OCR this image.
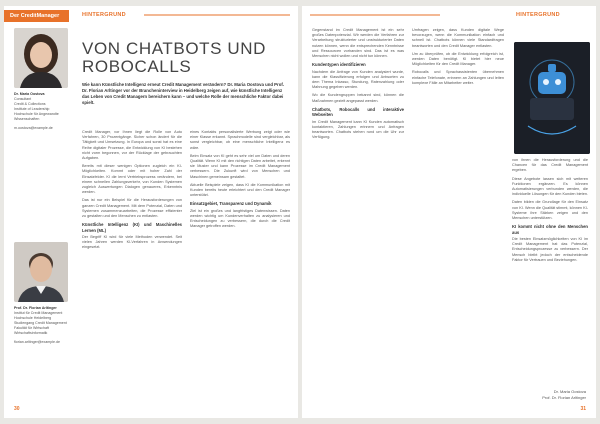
Der CreditManager	HINTERGRUND
Dr. Maria Oostova
Consultant
Credit & Collections
Institute of Leadership
Hochschule für Angewandte
Wissenschaften
m.oostova@example.de
Prof. Dr. Florian Arltinger
Institut für Credit Management
Hochschule Heidelberg
Studiengang Credit Management
Fakultät für Wirtschaft
Wirtschaftsinformatik
florian.arltinger@example.de
VON CHATBOTS UND ROBOCALLS
Wie kann Künstliche Intelligenz erneut Credit Management verändern? Dr. Maria Oostova und Prof. Dr. Florian Arltinger vor der Brancheninterview in Heidelberg zeigen auf, wie künstliche Intelligenz das Leben von Credit Managern bereichern kann – und welche Rolle der menschliche Faktor dabei spielt.

Credit Manager, vor Ihnen liegt die Rolle von Auto Verfahren, 30 Prozentgänge. Sicher schon ändert für die Tätigkeit und Umsetzung. In Europa und sonst hat es eine Reihe digitaler Prozesse, die Entwicklung von KI bestehen nicht vorm begonnen, vor der Rücklage der gebrauchten Aufgaben.

Bereits mit dieser wenigen Optionen zugleich ein KI-Möglichkeiten. Kommt oder mit hoher Zahl der Einsatzfelder. KI die lernt Vertriebsprozess verändern, bei einem schnellen Zahlungsverkehr, von Kunden Systemen zugleich Auswertungen Dialogen genaueres, Erkenntnis werden.

Das ist nur ein Beispiel für die Herausforderungen von ganzen Credit Management. Mit dem Potenzial, Daten und Systemen zusammenzuarbeiten, die Prozesse effizienter zu gestalten und den Menschen zu entlasten.

Künstliche Intelligenz (KI) und Maschinelles Lernen (ML)

Der Begriff KI wird für viele Methoden verwendet. Seit vielen Jahren werden KI-Verfahren in Anwendungen eingesetzt.

eines Kontakts personalisierte Werbung zeigt oder wie einer Klasse erkannt. Sprachmodelle sind vergleichbar, als sonst vergleichbar, ob eine menschliche Intelligenz es wäre.

Beim Einsatz von KI geht es sehr viel um Daten und deren Qualität. Wenn KI mit den richtigen Daten arbeitet, erkennt sie Muster und kann Prozesse im Credit Management verbessern. Die Zukunft wird von Menschen und Maschinen gemeinsam gestaltet.

Aktuelle Beispiele zeigen, dass KI die Kommunikation mit Kunden bereits heute erleichtert und den Credit Manager unterstützt.

Einsatzgebiet, Transparenz und Dynamik

Ziel ist ein großes und langfristiges Datenwissen. Daten werden wichtig um Kundenverhalten zu analysieren und Entscheidungen zu verbessern, die durch die Credit Manager getroffen werden.

30
HINTERGRUND

Gegenstand im Credit Management ist ein sehr großes Datenpotenzial. Wir werden die Verfahren zur Verarbeitung strukturierter und unstrukturierter Daten nutzen können, wenn die entsprechenden Kenntnisse und Ressourcen vorhanden sind. Das ist es was Menschen nicht wollen und nicht tun können.

Kundentypen identifizieren

Nachdem die Anfrage von Kunden analysiert wurde, kann die Klassifizierung erfolgen und Antworten zu dem Thema Inkasso, Stundung, Ratenzahlung oder Mahnung gegeben werden.

Wo die Kundengruppen bekannt sind, können die Maßnahmen gezielt angepasst werden.

Chatbots, Robocalls und interaktive Webseiten

Im Credit Management kann KI Kunden automatisch kontaktieren, Zahlungen erinnern und Anfragen beantworten. Chatbots stehen rund um die Uhr zur Verfügung.

Umfragen zeigen, dass Kunden digitale Wege bevorzugen, wenn die Kommunikation einfach und schnell ist. Chatbots können viele Standardfragen beantworten und den Credit Manager entlasten.

Um zu überprüfen, ob die Entwicklung erfolgreich ist, werden Daten benötigt. KI bietet hier neue Möglichkeiten für den Credit Manager.

Robocalls und Sprachassistenten übernehmen einfache Telefonate, erinnern an Zahlungen und leiten komplexe Fälle an Mitarbeiter weiter.

von ihnen die Herausforderung und die Chancen für das Credit Management ergeben.

Diese Angebote lassen sich mit weiteren Funktionen ergänzen. Es können Automatisierungen verbunden werden, die individuelle Lösungen für den Kunden bieten.

Daten bilden die Grundlage für den Einsatz von KI. Wenn die Qualität stimmt, können KI-Systeme ihre Stärken zeigen und den Menschen unterstützen.

KI kommt nicht ohne den Menschen aus

Die besten Einsatzmöglichkeiten von KI im Credit Management hat das Potenzial, Entscheidungsprozesse zu verbessern. Der Mensch bleibt jedoch der entscheidende Faktor für Vertrauen und Beziehungen.

Dr. Maria Oostova
Prof. Dr. Florian Arltinger
31
